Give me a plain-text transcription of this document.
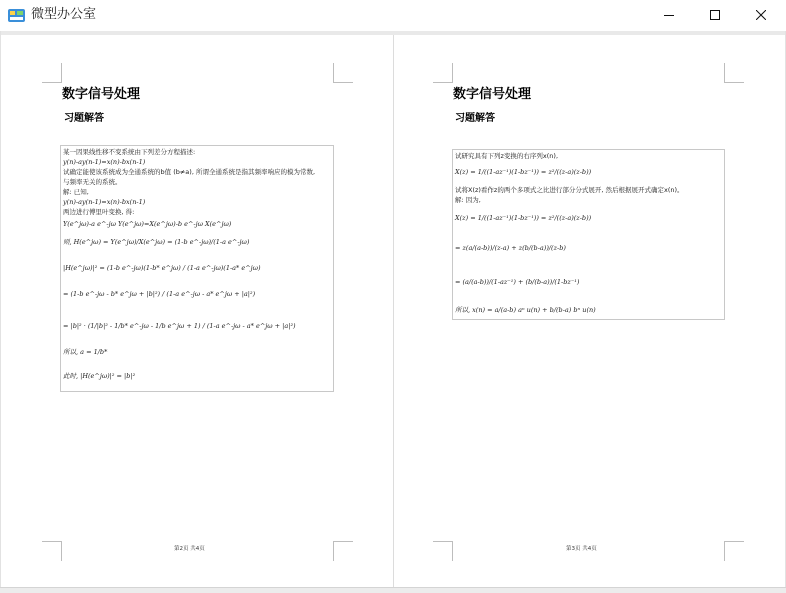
微型办公室
数字信号处理
习题解答
某一因果线性移不变系统由下列差分方程描述:
y(n)-ay(n-1)=x(n)-bx(n-1)
试确定能使该系统成为全通系统的b值 (b≠a), 所谓全通系统是指其频率响应的模为常数,
与频率无关的系统。
解: 已知,
y(n)-ay(n-1)=x(n)-bx(n-1)
两边进行傅里叶变换, 得:
Y(e^jω)-a e^-jω Y(e^jω)=X(e^jω)-b e^-jω X(e^jω)
则, H(e^jω) = Y(e^jω)/X(e^jω) = (1-b e^-jω)/(1-a e^-jω)
|H(e^jω)|² = (1-b e^-jω)(1-b* e^jω) / (1-a e^-jω)(1-a* e^jω)
= (1-b e^-jω - b* e^jω + |b|²) / (1-a e^-jω - a* e^jω + |a|²)
= |b|² · (1/|b|² - 1/b* e^-jω - 1/b e^jω + 1) / (1-a e^-jω - a* e^jω + |a|²)
所以, a = 1/b*
此时, |H(e^jω)|² = |b|²
第2页 共4页
数字信号处理
习题解答
试研究具有下列z变换的右序列x(n),
X(z) = 1/((1-az⁻¹)(1-bz⁻¹)) = z²/((z-a)(z-b))
试将X(z)看作z的两个多项式之比进行部分分式展开, 然后根据展开式确定x(n)。
解: 因为,
X(z) = 1/((1-az⁻¹)(1-bz⁻¹)) = z²/((z-a)(z-b))
= z(a/(a-b))/(z-a) + z(b/(b-a))/(z-b)
= (a/(a-b))/(1-az⁻¹) + (b/(b-a))/(1-bz⁻¹)
所以, x(n) = a/(a-b) aⁿ u(n) + b/(b-a) bⁿ u(n)
第3页 共4页
